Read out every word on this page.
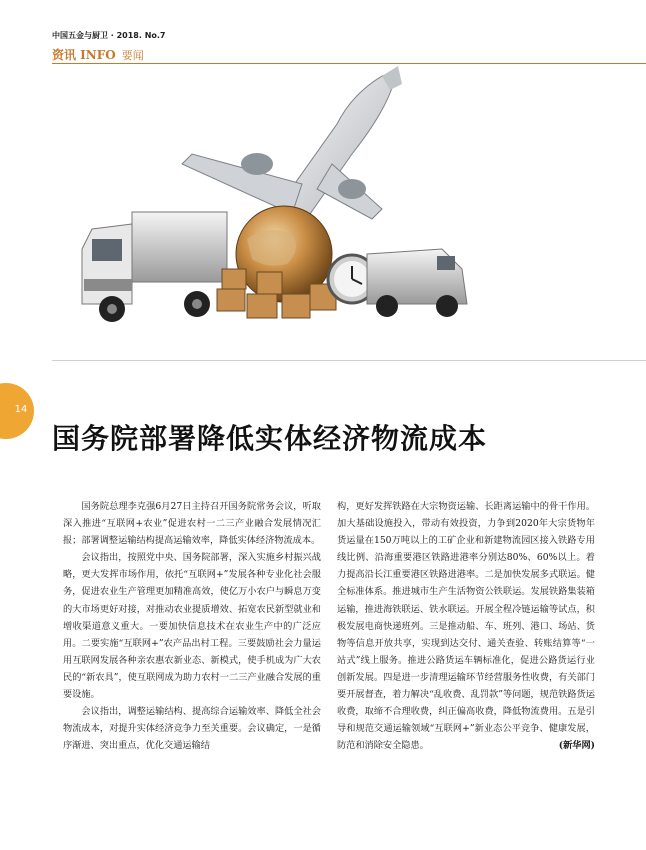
中国五金与厨卫 · 2018. No.7
资讯 INFO 要闻
14
国务院部署降低实体经济物流成本

国务院总理李克强6月27日主持召开国务院常务会议，听取深入推进“互联网+农业”促进农村一二三产业融合发展情况汇报；部署调整运输结构提高运输效率，降低实体经济物流成本。

会议指出，按照党中央、国务院部署，深入实施乡村振兴战略，更大发挥市场作用，依托“互联网+”发展各种专业化社会服务，促进农业生产管理更加精准高效，使亿万小农户与瞬息万变的大市场更好对接，对推动农业提质增效、拓宽农民新型就业和增收渠道意义重大。一要加快信息技术在农业生产中的广泛应用。二要实施“互联网+”农产品出村工程。三要鼓励社会力量运用互联网发展各种亲农惠农新业态、新模式，使手机成为广大农民的“新农具”，使互联网成为助力农村一二三产业融合发展的重要设施。

会议指出，调整运输结构、提高综合运输效率、降低全社会物流成本，对提升实体经济竞争力至关重要。会议确定，一是循序渐进、突出重点，优化交通运输结

构，更好发挥铁路在大宗物资运输、长距离运输中的骨干作用。加大基础设施投入，带动有效投资，力争到2020年大宗货物年货运量在150万吨以上的工矿企业和新建物流园区接入铁路专用线比例、沿海重要港区铁路进港率分别达80%、60%以上。着力提高沿长江重要港区铁路进港率。二是加快发展多式联运。健全标准体系。推进城市生产生活物资公铁联运。发展铁路集装箱运输，推进海铁联运、铁水联运。开展全程冷链运输等试点，积极发展电商快递班列。三是推动船、车、班列、港口、场站、货物等信息开放共享，实现到达交付、通关查验、转账结算等“一站式”线上服务。推进公路货运车辆标准化，促进公路货运行业创新发展。四是进一步清理运输环节经营服务性收费，有关部门要开展督查，着力解决“乱收费、乱罚款”等问题，规范铁路货运收费，取缔不合理收费，纠正偏高收费，降低物流费用。五是引导和规范交通运输领域“互联网+”新业态公平竞争、健康发展，防范和消除安全隐患。	(新华网)
